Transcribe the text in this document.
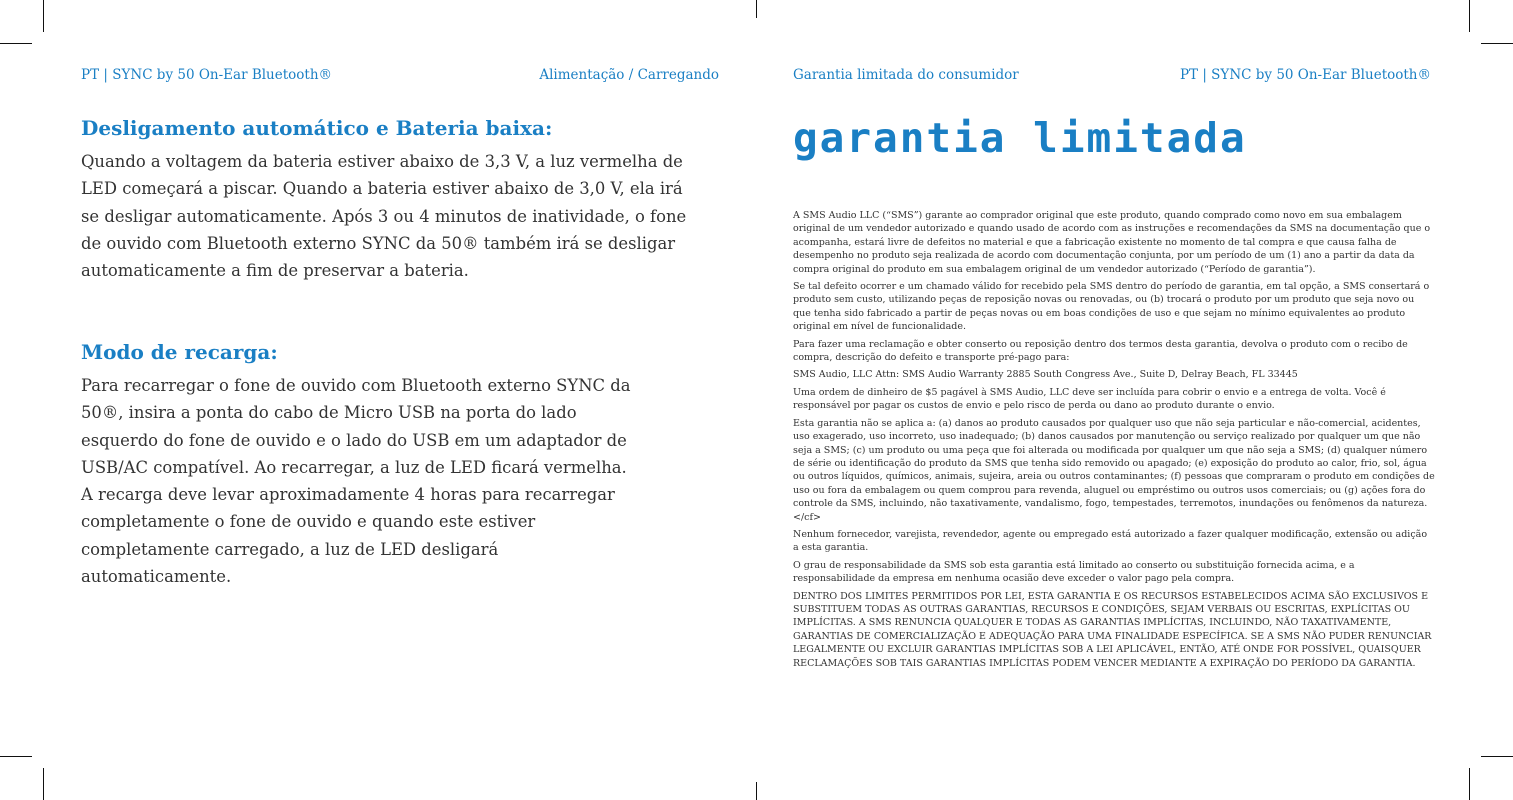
PT | SYNC by 50 On-Ear Bluetooth®	Alimentação / Carregando
Desligamento automático e Bateria baixa:

Quando a voltagem da bateria estiver abaixo de 3,3 V, a luz vermelha de LED começará a piscar. Quando a bateria estiver abaixo de 3,0 V, ela irá se desligar automaticamente. Após 3 ou 4 minutos de inatividade, o fone de ouvido com Bluetooth externo SYNC da 50® também irá se desligar automaticamente a fim de preservar a bateria.

Modo de recarga:

Para recarregar o fone de ouvido com Bluetooth externo SYNC da 50®, insira a ponta do cabo de Micro USB na porta do lado esquerdo do fone de ouvido e o lado do USB em um adaptador de USB/AC compatível. Ao recarregar, a luz de LED ficará vermelha. A recarga deve levar aproximadamente 4 horas para recarregar completamente o fone de ouvido e quando este estiver completamente carregado, a luz de LED desligará automaticamente.

Garantia limitada do consumidor	PT | SYNC by 50 On-Ear Bluetooth®
garantia limitada

A SMS Audio LLC (“SMS”) garante ao comprador original que este produto, quando comprado como novo em sua embalagem original de um vendedor autorizado e quando usado de acordo com as instruções e recomendações da SMS na documentação que o acompanha, estará livre de defeitos no material e que a fabricação existente no momento de tal compra e que causa falha de desempenho no produto seja realizada de acordo com documentação conjunta, por um período de um (1) ano a partir da data da compra original do produto em sua embalagem original de um vendedor autorizado (“Período de garantia”).

Se tal defeito ocorrer e um chamado válido for recebido pela SMS dentro do período de garantia, em tal opção, a SMS consertará o produto sem custo, utilizando peças de reposição novas ou renovadas, ou (b) trocará o produto por um produto que seja novo ou que tenha sido fabricado a partir de peças novas ou em boas condições de uso e que sejam no mínimo equivalentes ao produto original em nível de funcionalidade.

Para fazer uma reclamação e obter conserto ou reposição dentro dos termos desta garantia, devolva o produto com o recibo de compra, descrição do defeito e transporte pré-pago para:

SMS Audio, LLC Attn: SMS Audio Warranty 2885 South Congress Ave., Suite D, Delray Beach, FL 33445

Uma ordem de dinheiro de $5 pagável à SMS Audio, LLC deve ser incluída para cobrir o envio e a entrega de volta. Você é responsável por pagar os custos de envio e pelo risco de perda ou dano ao produto durante o envio.

Esta garantia não se aplica a: (a) danos ao produto causados por qualquer uso que não seja particular e não-comercial, acidentes, uso exagerado, uso incorreto, uso inadequado; (b) danos causados por manutenção ou serviço realizado por qualquer um que não seja a SMS; (c) um produto ou uma peça que foi alterada ou modificada por qualquer um que não seja a SMS; (d) qualquer número de série ou identificação do produto da SMS que tenha sido removido ou apagado; (e) exposição do produto ao calor, frio, sol, água ou outros líquidos, químicos, animais, sujeira, areia ou outros contaminantes; (f) pessoas que compraram o produto em condições de uso ou fora da embalagem ou quem comprou para revenda, aluguel ou empréstimo ou outros usos comerciais; ou (g) ações fora do controle da SMS, incluindo, não taxativamente, vandalismo, fogo, tempestades, terremotos, inundações ou fenômenos da natureza.</cf>

Nenhum fornecedor, varejista, revendedor, agente ou empregado está autorizado a fazer qualquer modificação, extensão ou adição a esta garantia.

O grau de responsabilidade da SMS sob esta garantia está limitado ao conserto ou substituição fornecida acima, e a responsabilidade da empresa em nenhuma ocasião deve exceder o valor pago pela compra.

DENTRO DOS LIMITES PERMITIDOS POR LEI, ESTA GARANTIA E OS RECURSOS ESTABELECIDOS ACIMA SÃO EXCLUSIVOS E SUBSTITUEM TODAS AS OUTRAS GARANTIAS, RECURSOS E CONDIÇÕES, SEJAM VERBAIS OU ESCRITAS, EXPLÍCITAS OU IMPLÍCITAS. A SMS RENUNCIA QUALQUER E TODAS AS GARANTIAS IMPLÍCITAS, INCLUINDO, NÃO TAXATIVAMENTE, GARANTIAS DE COMERCIALIZAÇÃO E ADEQUAÇÃO PARA UMA FINALIDADE ESPECÍFICA. SE A SMS NÃO PUDER RENUNCIAR LEGALMENTE OU EXCLUIR GARANTIAS IMPLÍCITAS SOB A LEI APLICÁVEL, ENTÃO, ATÉ ONDE FOR POSSÍVEL, QUAISQUER RECLAMAÇÕES SOB TAIS GARANTIAS IMPLÍCITAS PODEM VENCER MEDIANTE A EXPIRAÇÃO DO PERÍODO DA GARANTIA.
